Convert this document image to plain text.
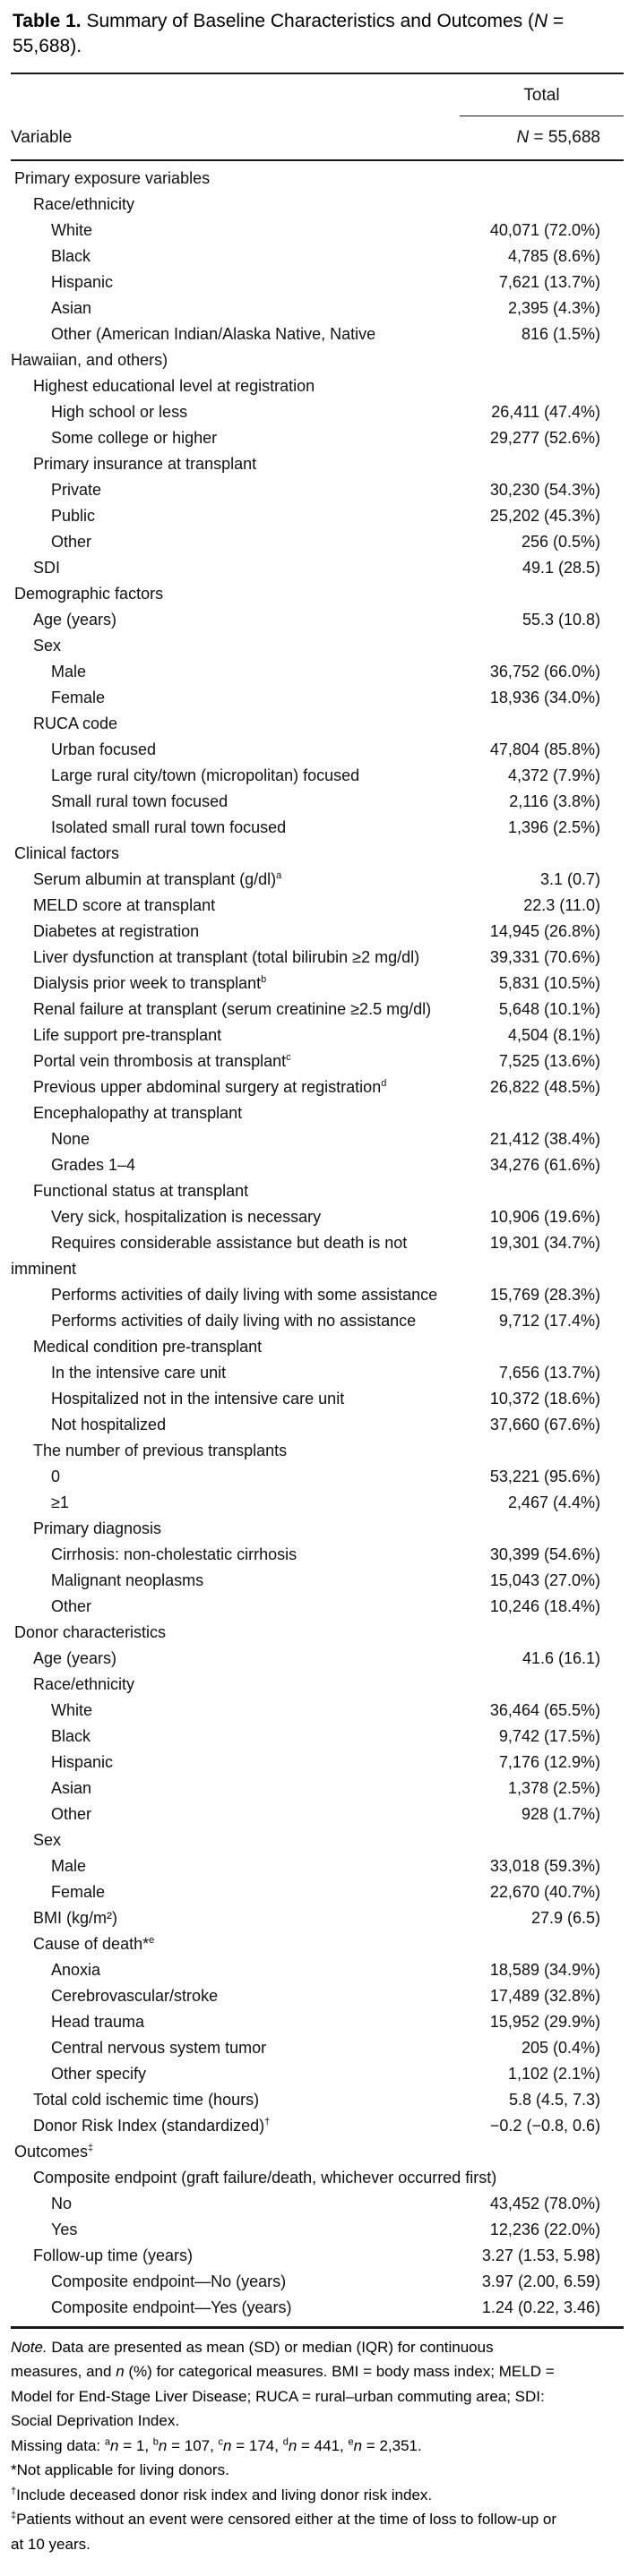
Table 1. Summary of Baseline Characteristics and Outcomes (N = 55,688).

Total
Variable	N = 55,688
Primary exposure variables
Race/ethnicity
White	40,071 (72.0%)
Black	4,785 (8.6%)
Hispanic	7,621 (13.7%)
Asian	2,395 (4.3%)
Other (American Indian/Alaska Native, Native	816 (1.5%)
Hawaiian, and others)
Highest educational level at registration
High school or less	26,411 (47.4%)
Some college or higher	29,277 (52.6%)
Primary insurance at transplant
Private	30,230 (54.3%)
Public	25,202 (45.3%)
Other	256 (0.5%)
SDI	49.1 (28.5)
Demographic factors
Age (years)	55.3 (10.8)
Sex
Male	36,752 (66.0%)
Female	18,936 (34.0%)
RUCA code
Urban focused	47,804 (85.8%)
Large rural city/town (micropolitan) focused	4,372 (7.9%)
Small rural town focused	2,116 (3.8%)
Isolated small rural town focused	1,396 (2.5%)
Clinical factors
Serum albumin at transplant $(g/dl)^a$	3.1 (0.7)
MELD score at transplant	22.3 (11.0)
Diabetes at registration	14,945 (26.8%)
Liver dysfunction at transplant (total bilirubin ≥2 mg/dl)	39,331 (70.6%)
Dialysis prior week to transplant$^b$	5,831 (10.5%)
Renal failure at transplant (serum creatinine ≥2.5 mg/dl)	5,648 (10.1%)
Life support pre-transplant	4,504 (8.1%)
Portal vein thrombosis at transplant$^c$	7,525 (13.6%)
Previous upper abdominal surgery at registration$^d$	26,822 (48.5%)
Encephalopathy at transplant
None	21,412 (38.4%)
Grades 1–4	34,276 (61.6%)
Functional status at transplant
Very sick, hospitalization is necessary	10,906 (19.6%)
Requires considerable assistance but death is not	19,301 (34.7%)
imminent
Performs activities of daily living with some assistance	15,769 (28.3%)
Performs activities of daily living with no assistance	9,712 (17.4%)
Medical condition pre-transplant
In the intensive care unit	7,656 (13.7%)
Hospitalized not in the intensive care unit	10,372 (18.6%)
Not hospitalized	37,660 (67.6%)
The number of previous transplants
0	53,221 (95.6%)
≥1	2,467 (4.4%)
Primary diagnosis
Cirrhosis: non-cholestatic cirrhosis	30,399 (54.6%)
Malignant neoplasms	15,043 (27.0%)
Other	10,246 (18.4%)
Donor characteristics
Age (years)	41.6 (16.1)
Race/ethnicity
White	36,464 (65.5%)
Black	9,742 (17.5%)
Hispanic	7,176 (12.9%)
Asian	1,378 (2.5%)
Other	928 (1.7%)
Sex
Male	33,018 (59.3%)
Female	22,670 (40.7%)
BMI (kg/m²)	27.9 (6.5)
Cause of death*$^e$
Anoxia	18,589 (34.9%)
Cerebrovascular/stroke	17,489 (32.8%)
Head trauma	15,952 (29.9%)
Central nervous system tumor	205 (0.4%)
Other specify	1,102 (2.1%)
Total cold ischemic time (hours)	5.8 (4.5, 7.3)
Donor Risk Index (standardized)†	−0.2 (−0.8, 0.6)
Outcomes‡
Composite endpoint (graft failure/death, whichever occurred first)
No	43,452 (78.0%)
Yes	12,236 (22.0%)
Follow-up time (years)	3.27 (1.53, 5.98)
Composite endpoint—No (years)	3.97 (2.00, 6.59)
Composite endpoint—Yes (years)	1.24 (0.22, 3.46)

Note. Data are presented as mean (SD) or median (IQR) for continuous measures, and n (%) for categorical measures. BMI = body mass index; MELD = Model for End-Stage Liver Disease; RUCA = rural–urban commuting area; SDI: Social Deprivation Index.

Missing data: $^a$n = 1, $^b$n = 107, $^c$n = 174, $^d$n = 441, $^e$n = 2,351.

*Not applicable for living donors.

†Include deceased donor risk index and living donor risk index.

‡Patients without an event were censored either at the time of loss to follow-up or at 10 years.
